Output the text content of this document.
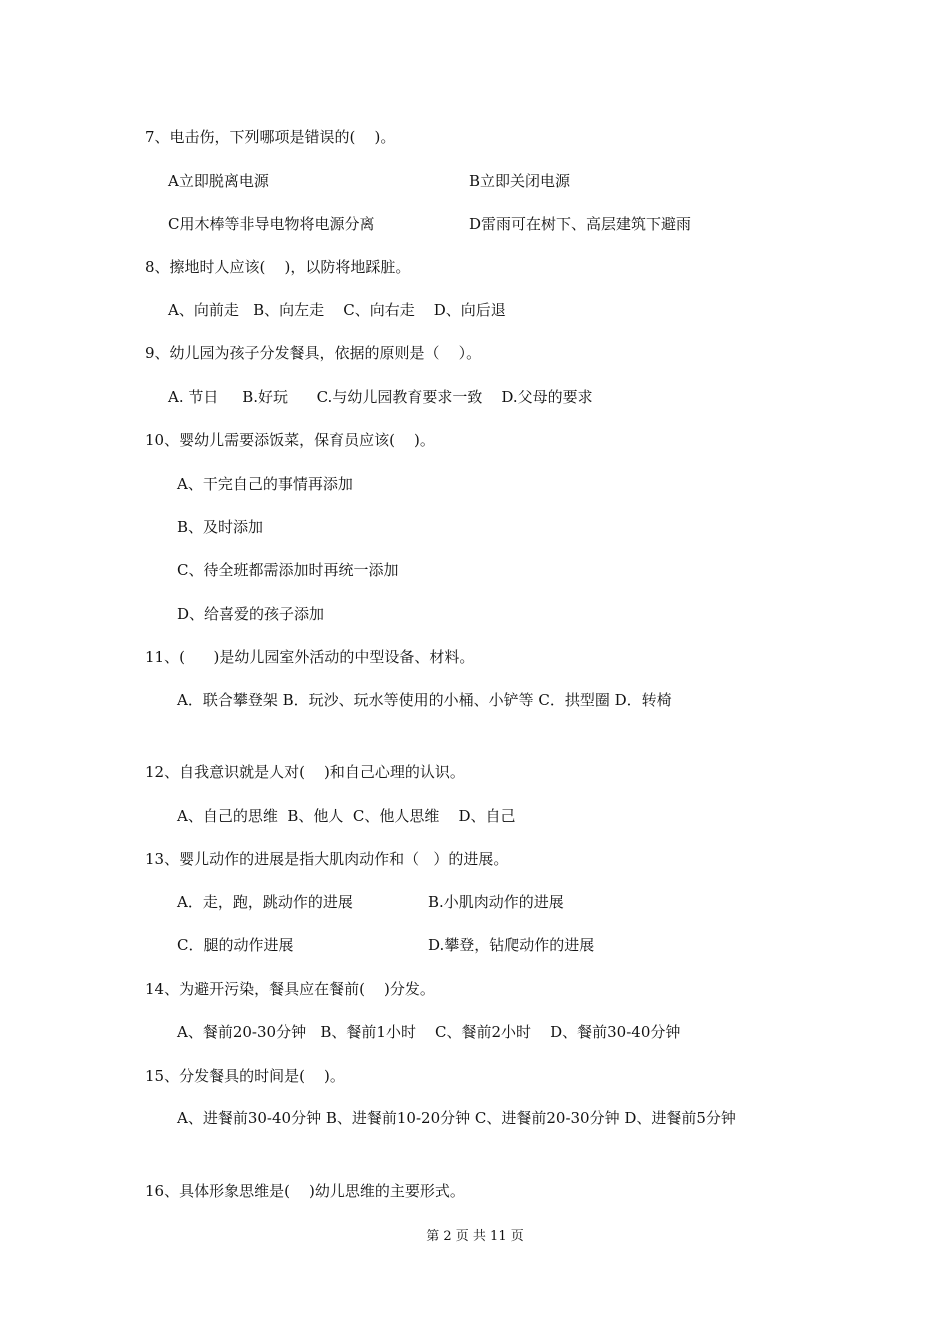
7、电击伤，下列哪项是错误的(    )。
A立即脱离电源	B立即关闭电源
C用木棒等非导电物将电源分离	D雷雨可在树下、高层建筑下避雨
8、擦地时人应该(    )，以防将地踩脏。
A、向前走   B、向左走    C、向右走    D、向后退
9、幼儿园为孩子分发餐具，依据的原则是（    ）。
A. 节日     B.好玩      C.与幼儿园教育要求一致    D.父母的要求
10、婴幼儿需要添饭菜，保育员应该(    )。
A、干完自己的事情再添加
B、及时添加
C、待全班都需添加时再统一添加
D、给喜爱的孩子添加
11、(      )是幼儿园室外活动的中型设备、材料。
A．联合攀登架 B．玩沙、玩水等使用的小桶、小铲等 C．拱型圈 D．转椅
12、自我意识就是人对(    )和自己心理的认识。
A、自己的思维  B、他人  C、他人思维    D、自己
13、婴儿动作的进展是指大肌肉动作和（   ）的进展。
A．走，跑，跳动作的进展	B.小肌肉动作的进展
C．腿的动作进展	D.攀登，钻爬动作的进展
14、为避开污染，餐具应在餐前(    )分发。
A、餐前20-30分钟   B、餐前1小时    C、餐前2小时    D、餐前30-40分钟
15、分发餐具的时间是(    )。
A、进餐前30-40分钟 B、进餐前10-20分钟 C、进餐前20-30分钟 D、进餐前5分钟
16、具体形象思维是(    )幼儿思维的主要形式。
第 2 页 共 11 页
